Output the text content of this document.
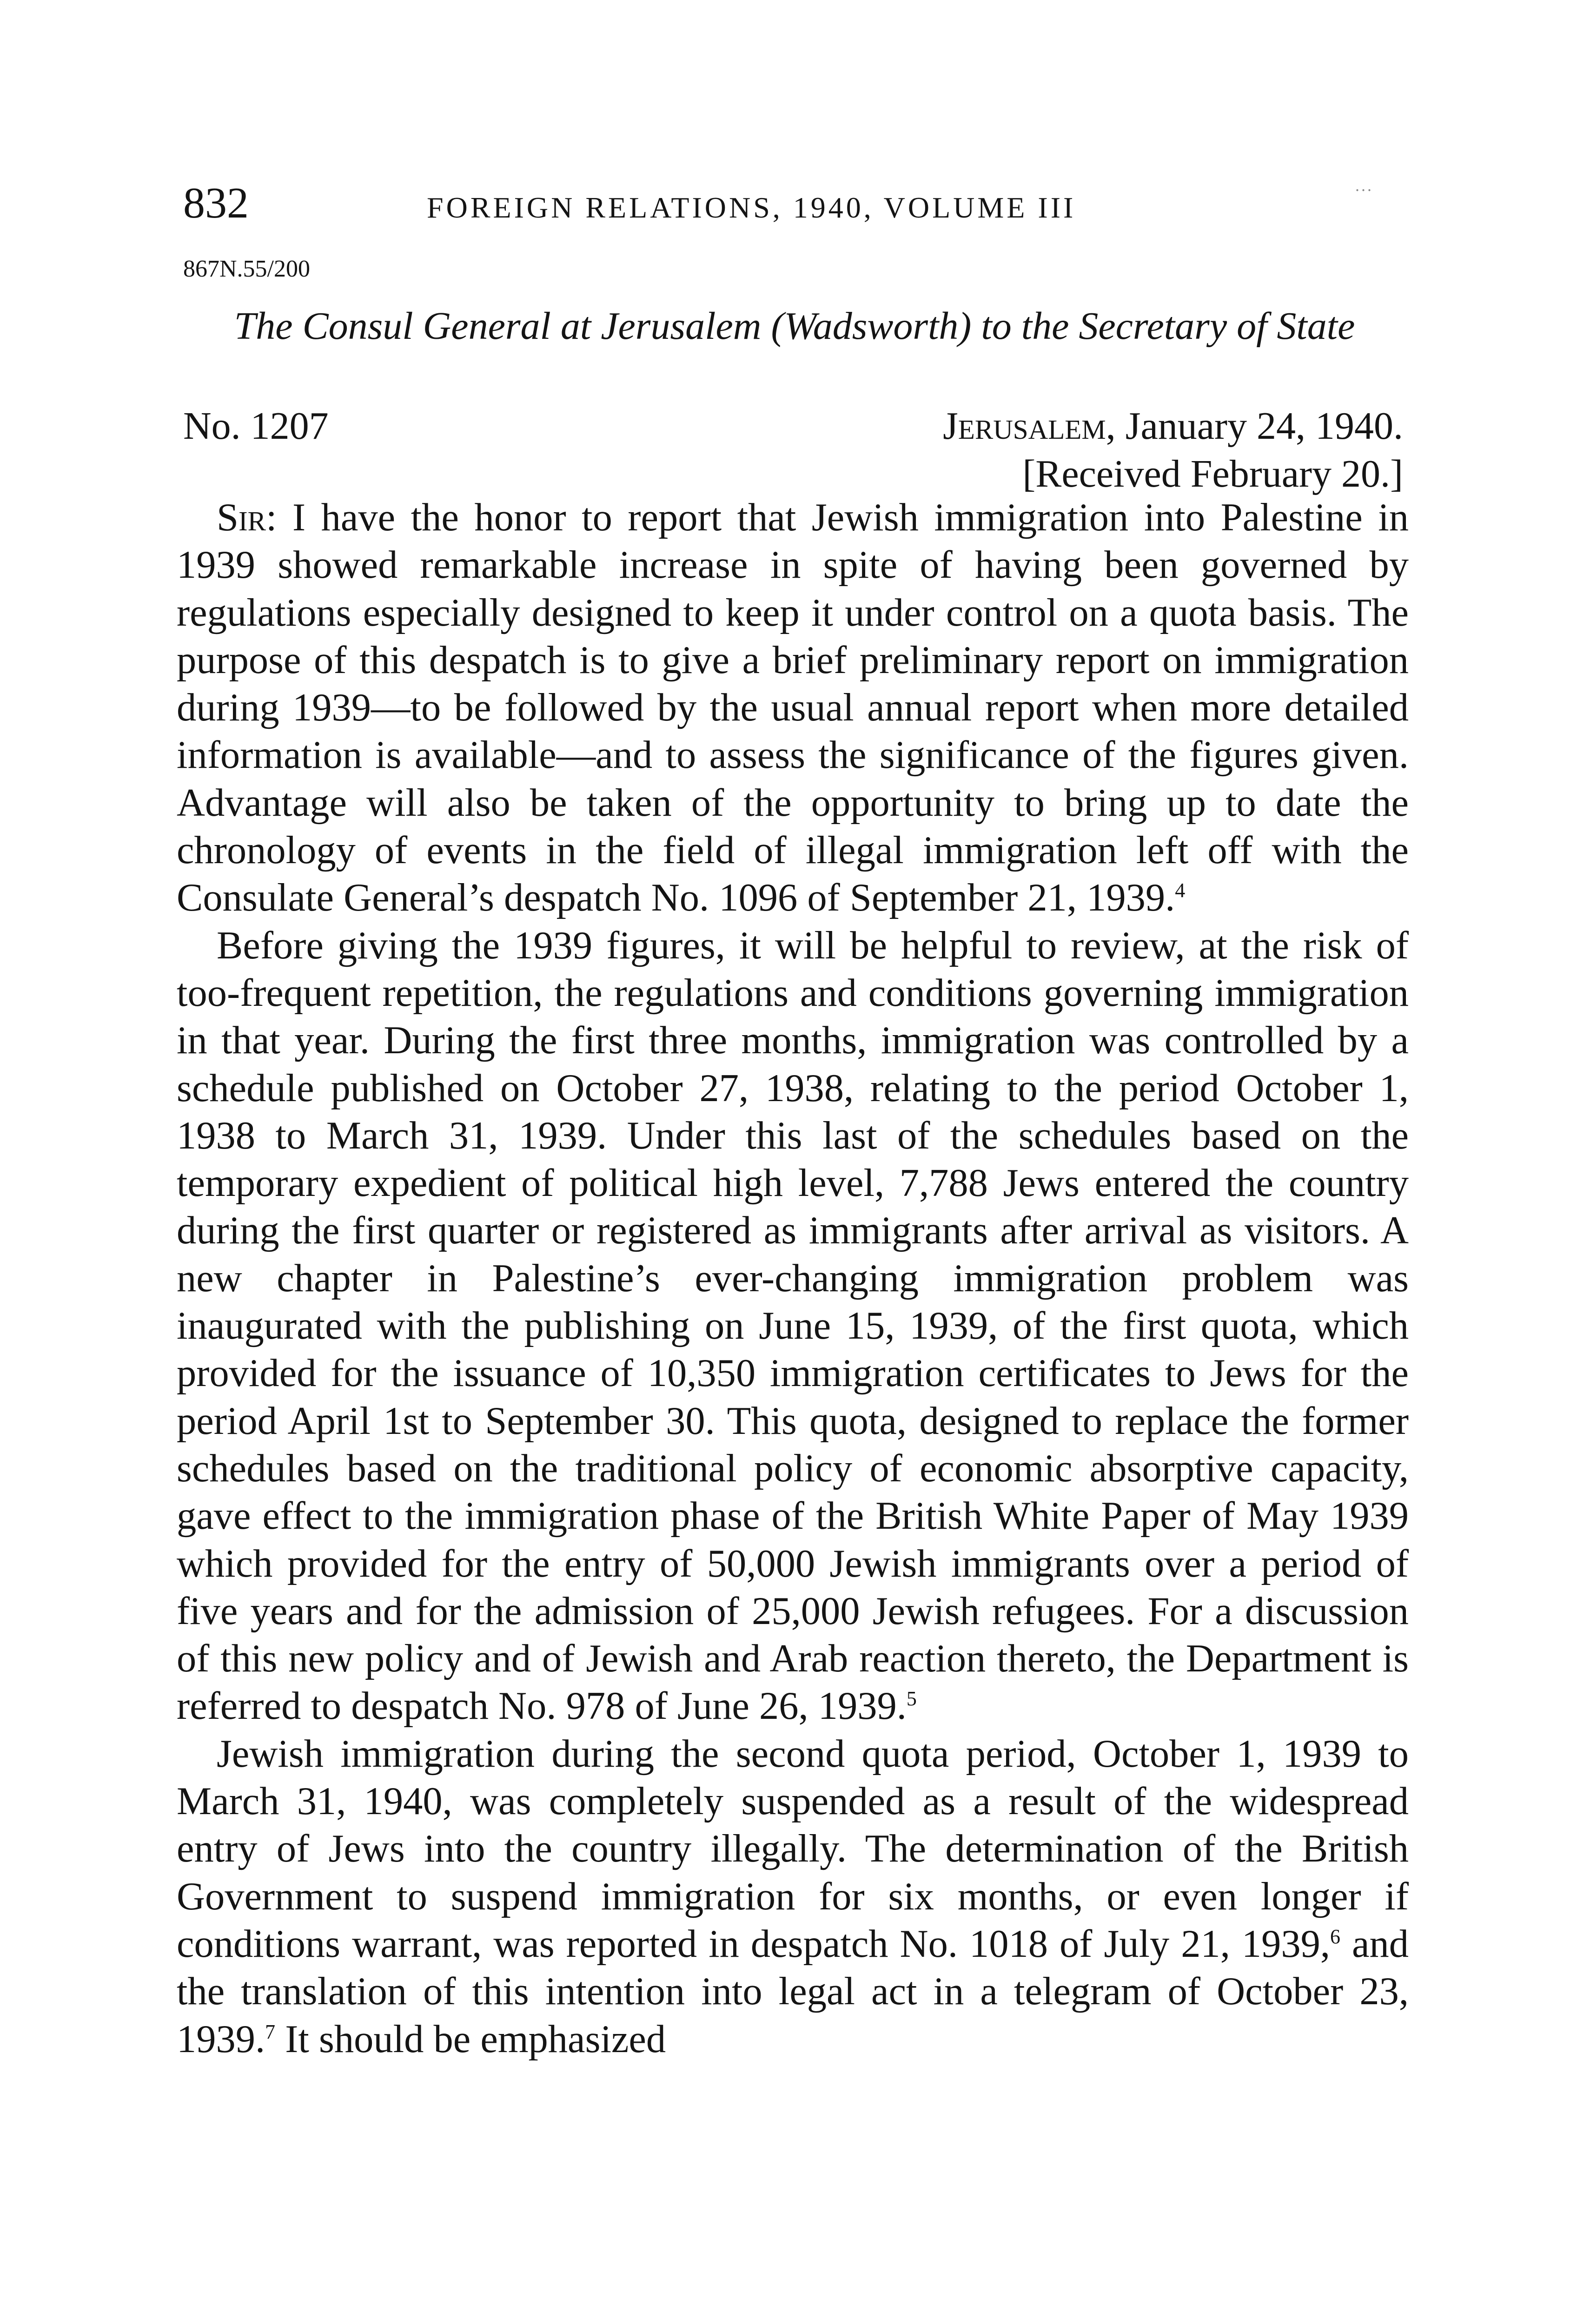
832	FOREIGN RELATIONS, 1940, VOLUME III
...
867N.55/200
The Consul General at Jerusalem (Wadsworth) to the Secretary of State
No. 1207	Jerusalem, January 24, 1940.
[Received February 20.]

Sir: I have the honor to report that Jewish immigration into Palestine in 1939 showed remarkable increase in spite of having been governed by regulations especially designed to keep it under control on a quota basis. The purpose of this despatch is to give a brief preliminary report on immigration during 1939—to be followed by the usual annual report when more detailed information is available—and to assess the significance of the figures given. Advantage will also be taken of the opportunity to bring up to date the chronology of events in the field of illegal immigration left off with the Consulate General’s despatch No. 1096 of September 21, 1939.$^4$

Before giving the 1939 figures, it will be helpful to review, at the risk of too-frequent repetition, the regulations and conditions governing immigration in that year. During the first three months, immigration was controlled by a schedule published on October 27, 1938, relating to the period October 1, 1938 to March 31, 1939. Under this last of the schedules based on the temporary expedient of political high level, 7,788 Jews entered the country during the first quarter or registered as immigrants after arrival as visitors. A new chapter in Palestine’s ever-changing immigration problem was inaugurated with the publishing on June 15, 1939, of the first quota, which provided for the issuance of 10,350 immigration certificates to Jews for the period April 1st to September 30. This quota, designed to replace the former schedules based on the traditional policy of economic absorptive capacity, gave effect to the immigration phase of the British White Paper of May 1939 which provided for the entry of 50,000 Jewish immigrants over a period of five years and for the admission of 25,000 Jewish refugees. For a discussion of this new policy and of Jewish and Arab reaction thereto, the Department is referred to despatch No. 978 of June 26, 1939.$^5$

Jewish immigration during the second quota period, October 1, 1939 to March 31, 1940, was completely suspended as a result of the widespread entry of Jews into the country illegally. The determination of the British Government to suspend immigration for six months, or even longer if conditions warrant, was reported in despatch No. 1018 of July 21, 1939,$^6$ and the translation of this intention into legal act in a telegram of October 23, 1939.$^7$ It should be emphasized
